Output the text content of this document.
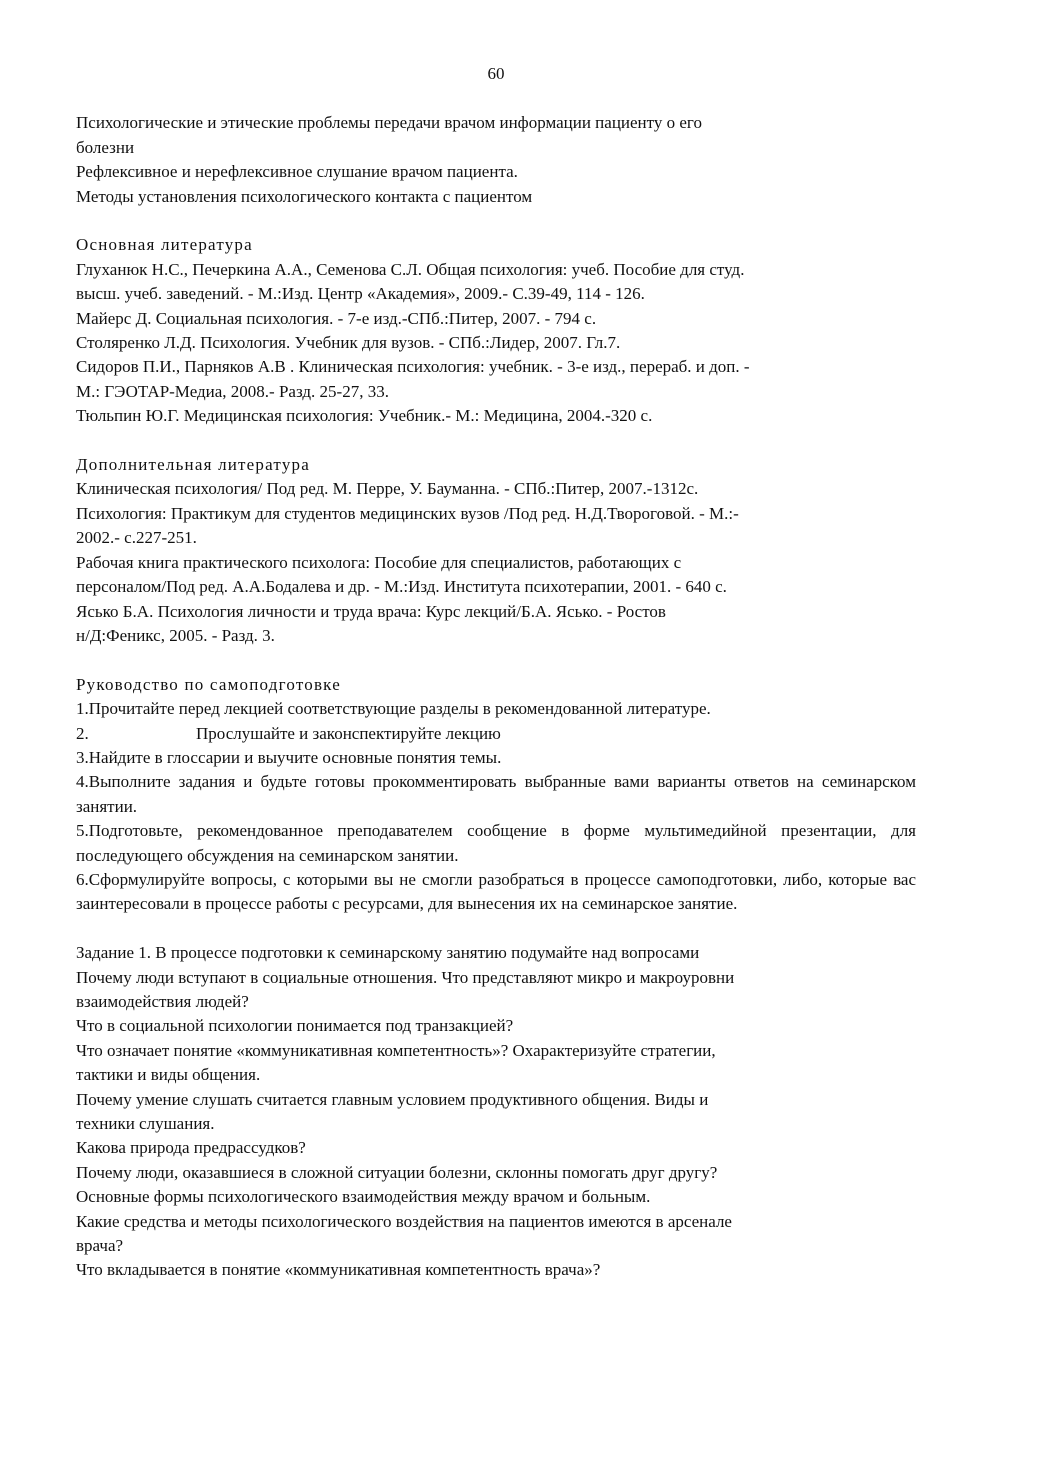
60
Психологические и этические проблемы передачи врачом информации пациенту о его
болезни
Рефлексивное и нерефлексивное слушание врачом пациента.
Методы установления психологического контакта с пациентом
Основная литература
Глуханюк Н.С., Печеркина А.А., Семенова С.Л. Общая психология: учеб. Пособие для студ.
высш. учеб. заведений. - М.:Изд. Центр «Академия», 2009.- С.39-49, 114 - 126.
Майерс Д. Социальная психология. - 7-е изд.-СПб.:Питер, 2007. - 794 с.
Столяренко Л.Д. Психология. Учебник для вузов. - СПб.:Лидер, 2007. Гл.7.
Сидоров П.И., Парняков А.В . Клиническая психология: учебник. - 3-е изд., перераб. и доп. -
М.: ГЭОТАР-Медиа, 2008.- Разд. 25-27, 33.
Тюльпин Ю.Г. Медицинская психология: Учебник.- М.: Медицина, 2004.-320 с.
Дополнительная литература
Клиническая психология/ Под ред. М. Перре, У. Бауманна. - СПб.:Питер, 2007.-1312с.
Психология: Практикум для студентов медицинских вузов /Под ред. Н.Д.Твороговой. - М.:-
2002.- с.227-251.
Рабочая книга практического психолога: Пособие для специалистов, работающих с
персоналом/Под ред. А.А.Бодалева и др. - М.:Изд. Института психотерапии, 2001. - 640 с.
Ясько Б.А. Психология личности и труда врача: Курс лекций/Б.А. Ясько. - Ростов
н/Д:Феникс, 2005. - Разд. 3.
Руководство по самоподготовке
1.Прочитайте перед лекцией соответствующие разделы в рекомендованной литературе.
2.	Прослушайте и законспектируйте лекцию
3.Найдите в глоссарии и выучите основные понятия темы.
4.Выполните задания и будьте готовы прокомментировать выбранные вами варианты ответов на семинарском занятии.
5.Подготовьте, рекомендованное преподавателем сообщение в форме мультимедийной презентации, для последующего обсуждения на семинарском занятии.
6.Сформулируйте вопросы, с которыми вы не смогли разобраться в процессе самоподготовки, либо, которые вас заинтересовали в процессе работы с ресурсами, для вынесения их на семинарское занятие.
Задание 1. В процессе подготовки к семинарскому занятию подумайте над вопросами
Почему люди вступают в социальные отношения. Что представляют микро и макроуровни
взаимодействия людей?
Что в социальной психологии понимается под транзакцией?
Что означает понятие «коммуникативная компетентность»? Охарактеризуйте стратегии,
тактики и виды общения.
Почему умение слушать считается главным условием продуктивного общения. Виды и
техники слушания.
Какова природа предрассудков?
Почему люди, оказавшиеся в сложной ситуации болезни, склонны помогать друг другу?
Основные формы психологического взаимодействия между врачом и больным.
Какие средства и методы психологического воздействия на пациентов имеются в арсенале
врача?
Что вкладывается в понятие «коммуникативная компетентность врача»?
